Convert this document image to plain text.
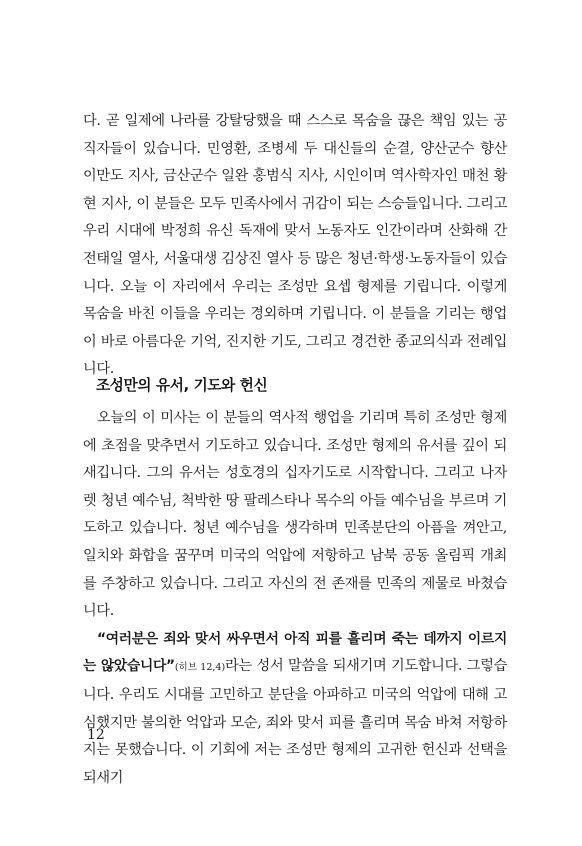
다. 곧 일제에 나라를 강탈당했을 때 스스로 목숨을 끊은 책임 있는 공직자들이 있습니다. 민영환, 조병세 두 대신들의 순결, 양산군수 향산 이만도 지사, 금산군수 일완 홍범식 지사, 시인이며 역사학자인 매천 황현 지사, 이 분들은 모두 민족사에서 귀감이 되는 스승들입니다. 그리고 우리 시대에 박정희 유신 독재에 맞서 노동자도 인간이라며 산화해 간 전태일 열사, 서울대생 김상진 열사 등 많은 청년·학생·노동자들이 있습니다. 오늘 이 자리에서 우리는 조성만 요셉 형제를 기립니다. 이렇게 목숨을 바친 이들을 우리는 경외하며 기립니다. 이 분들을 기리는 행업이 바로 아름다운 기억, 진지한 기도, 그리고 경건한 종교의식과 전례입니다.

조성만의 유서, 기도와 헌신

오늘의 이 미사는 이 분들의 역사적 행업을 기리며 특히 조성만 형제에 초점을 맞추면서 기도하고 있습니다. 조성만 형제의 유서를 깊이 되새깁니다. 그의 유서는 성호경의 십자기도로 시작합니다. 그리고 나자렛 청년 예수님, 척박한 땅 팔레스타나 목수의 아들 예수님을 부르며 기도하고 있습니다. 청년 예수님을 생각하며 민족분단의 아픔을 껴안고, 일치와 화합을 꿈꾸며 미국의 억압에 저항하고 남북 공동 올림픽 개최를 주창하고 있습니다. 그리고 자신의 전 존재를 민족의 제물로 바쳤습니다.

“여러분은 죄와 맞서 싸우면서 아직 피를 흘리며 죽는 데까지 이르지는 않았습니다”(히브 12,4)라는 성서 말씀을 되새기며 기도합니다. 그렇습니다. 우리도 시대를 고민하고 분단을 아파하고 미국의 억압에 대해 고심했지만 불의한 억압과 모순, 죄와 맞서 피를 흘리며 목숨 바쳐 저항하지는 못했습니다. 이 기회에 저는 조성만 형제의 고귀한 헌신과 선택을 되새기

12
